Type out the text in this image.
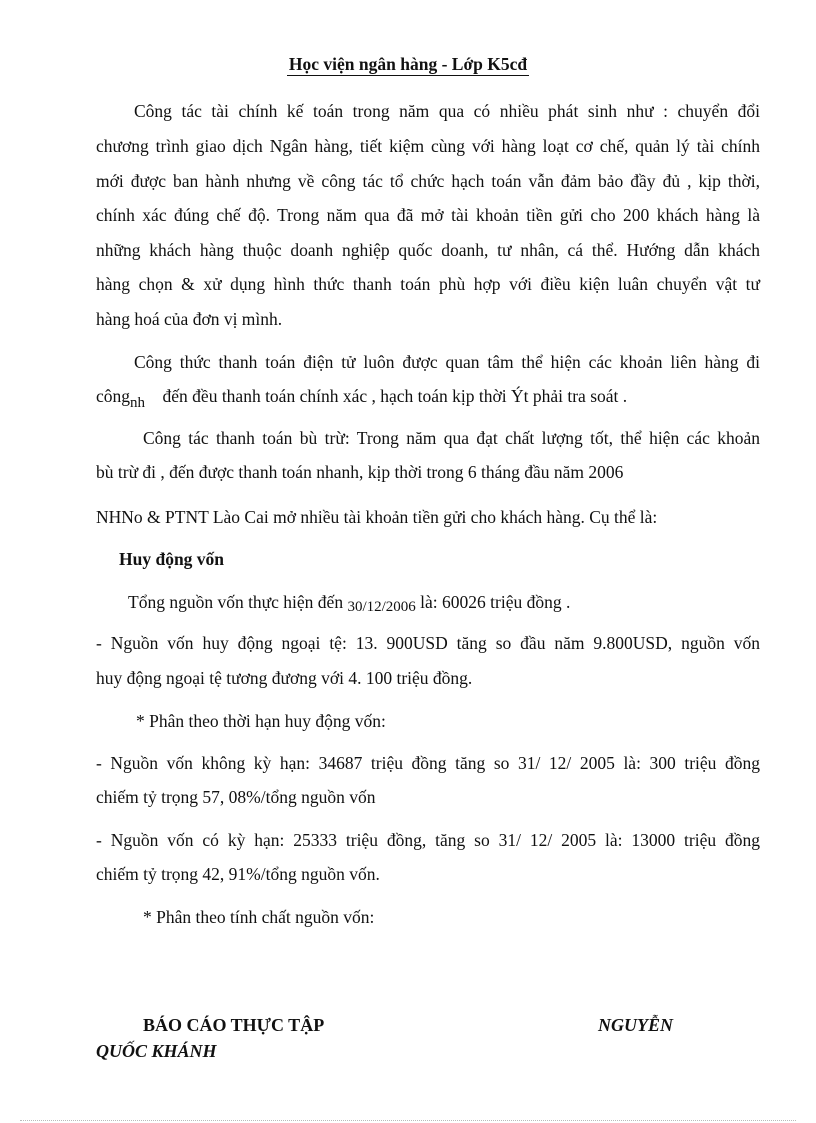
Học viện ngân hàng - Lớp K5cđ
Công tác tài chính kế toán trong năm qua có nhiều phát sinh như : chuyển đổi
chương trình giao dịch Ngân hàng, tiết kiệm cùng với hàng loạt cơ chế, quản lý tài chính
mới được ban hành nhưng về công tác tổ chức hạch toán vẫn đảm bảo đầy đủ , kịp thời,
chính xác đúng chế độ. Trong năm qua đã mở tài khoản tiền gửi cho 200 khách hàng là
những khách hàng thuộc doanh nghiệp quốc doanh, tư nhân, cá thể. Hướng dẫn khách
hàng chọn & xử dụng hình thức thanh toán phù hợp với điều kiện luân chuyển vật tư
hàng hoá của đơn vị mình.
Công thức thanh toán điện tử luôn được quan tâm thể hiện các khoản liên hàng đi
côngnh đến đều thanh toán chính xác , hạch toán kịp thời Ýt phải tra soát .
Công tác thanh toán bù trừ: Trong năm qua đạt chất lượng tốt, thể hiện các khoản
bù trừ đi , đến được thanh toán nhanh, kịp thời trong 6 tháng đầu năm 2006
NHNo & PTNT Lào Cai mở nhiều tài khoản tiền gửi cho khách hàng. Cụ thể là:
Huy động vốn
Tổng nguồn vốn thực hiện đến 30/12/2006 là: 60026 triệu đồng .
- Nguồn vốn huy động ngoại tệ: 13. 900USD tăng so đầu năm 9.800USD, nguồn vốn
huy động ngoại tệ tương đương với 4. 100 triệu đồng.
* Phân theo thời hạn huy động vốn:
- Nguồn vốn không kỳ hạn: 34687 triệu đồng tăng so 31/ 12/ 2005 là: 300 triệu đồng
chiếm tỷ trọng 57, 08%/tổng nguồn vốn
- Nguồn vốn có kỳ hạn: 25333 triệu đồng, tăng so 31/ 12/ 2005 là: 13000 triệu đồng
chiếm tỷ trọng 42, 91%/tổng nguồn vốn.
* Phân theo tính chất nguồn vốn:
BÁO CÁO THỰC TẬP	NGUYỄN
QUỐC KHÁNH
